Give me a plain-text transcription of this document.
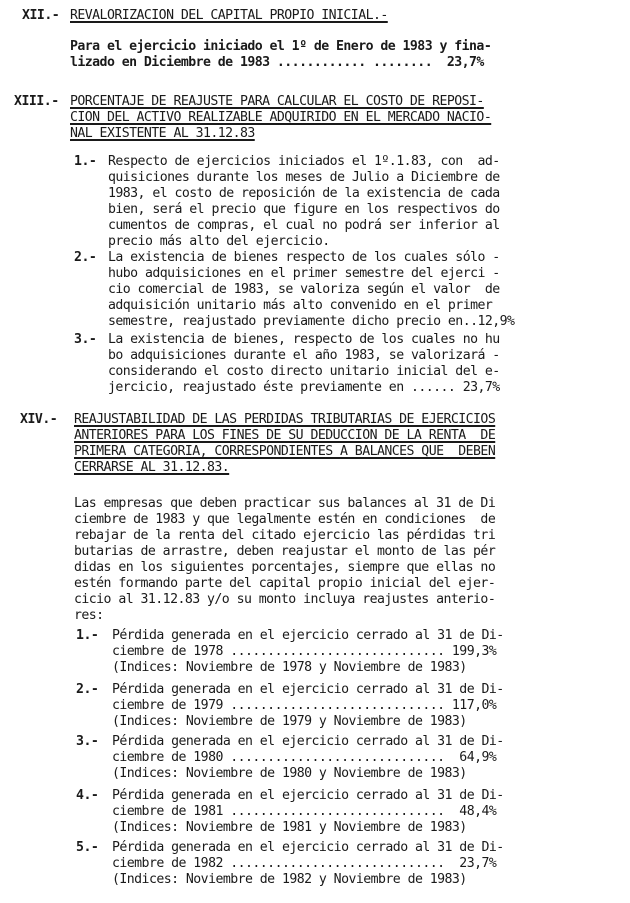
XII.- REVALORIZACION DEL CAPITAL PROPIO INICIAL.-
Para el ejercicio iniciado el 1º de Enero de 1983 y fina-
lizado en Diciembre de 1983 ............ ........  23,7%
XIII.- PORCENTAJE DE REAJUSTE PARA CALCULAR EL COSTO DE REPOSI-
CION DEL ACTIVO REALIZABLE ADQUIRIDO EN EL MERCADO NACIO-
NAL EXISTENTE AL 31.12.83
1.- Respecto de ejercicios iniciados el 1º.1.83, con  ad-
quisiciones durante los meses de Julio a Diciembre de
1983, el costo de reposición de la existencia de cada
bien, será el precio que figure en los respectivos do
cumentos de compras, el cual no podrá ser inferior al
precio más alto del ejercicio.
2.- La existencia de bienes respecto de los cuales sólo -
hubo adquisiciones en el primer semestre del ejerci -
cio comercial de 1983, se valoriza según el valor  de
adquisición unitario más alto convenido en el primer
semestre, reajustado previamente dicho precio en..12,9%
3.- La existencia de bienes, respecto de los cuales no hu
bo adquisiciones durante el año 1983, se valorizará -
considerando el costo directo unitario inicial del e-
jercicio, reajustado éste previamente en ...... 23,7%
XIV.- REAJUSTABILIDAD DE LAS PERDIDAS TRIBUTARIAS DE EJERCICIOS
ANTERIORES PARA LOS FINES DE SU DEDUCCION DE LA RENTA  DE
PRIMERA CATEGORIA, CORRESPONDIENTES A BALANCES QUE  DEBEN
CERRARSE AL 31.12.83.
Las empresas que deben practicar sus balances al 31 de Di
ciembre de 1983 y que legalmente estén en condiciones  de
rebajar de la renta del citado ejercicio las pérdidas tri
butarias de arrastre, deben reajustar el monto de las pér
didas en los siguientes porcentajes, siempre que ellas no
estén formando parte del capital propio inicial del ejer-
cicio al 31.12.83 y/o su monto incluya reajustes anterio-
res:
1.- Pérdida generada en el ejercicio cerrado al 31 de Di-
ciembre de 1978 ............................. 199,3%
(Indices: Noviembre de 1978 y Noviembre de 1983)
2.- Pérdida generada en el ejercicio cerrado al 31 de Di-
ciembre de 1979 ............................. 117,0%
(Indices: Noviembre de 1979 y Noviembre de 1983)
3.- Pérdida generada en el ejercicio cerrado al 31 de Di-
ciembre de 1980 .............................  64,9%
(Indices: Noviembre de 1980 y Noviembre de 1983)
4.- Pérdida generada en el ejercicio cerrado al 31 de Di-
ciembre de 1981 .............................  48,4%
(Indices: Noviembre de 1981 y Noviembre de 1983)
5.- Pérdida generada en el ejercicio cerrado al 31 de Di-
ciembre de 1982 .............................  23,7%
(Indices: Noviembre de 1982 y Noviembre de 1983)
